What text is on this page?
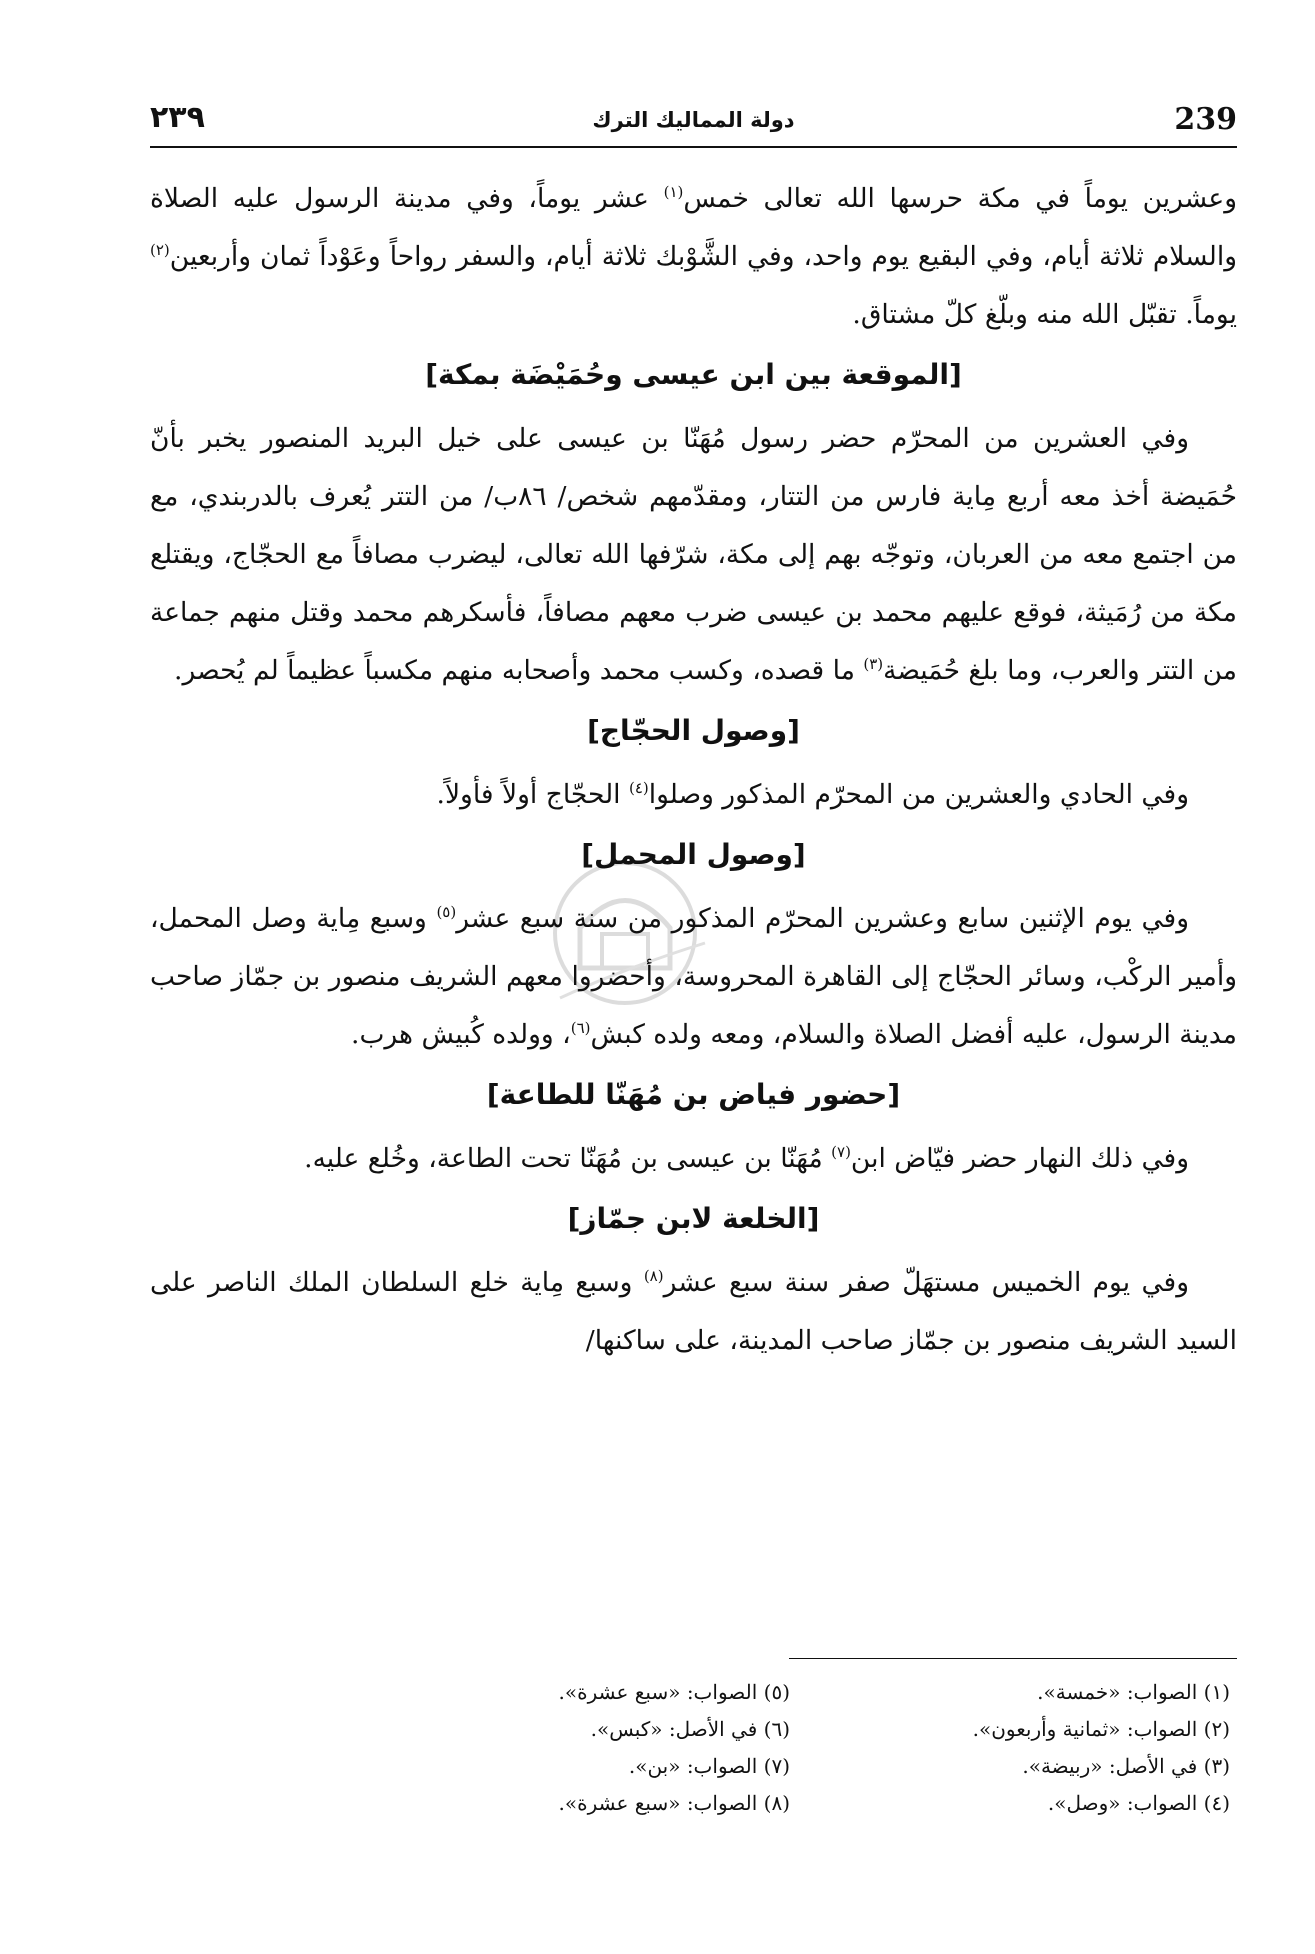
239
دولة المماليك الترك
٢٣٩

وعشرين يوماً في مكة حرسها الله تعالى خمس$^{(١)}$ عشر يوماً، وفي مدينة الرسول عليه الصلاة والسلام ثلاثة أيام، وفي البقيع يوم واحد، وفي الشَّوْبك ثلاثة أيام، والسفر رواحاً وعَوْداً ثمان وأربعين$^{(٢)}$ يوماً. تقبّل الله منه وبلّغ كلّ مشتاق.

[الموقعة بين ابن عيسى وحُمَيْضَة بمكة]

وفي العشرين من المحرّم حضر رسول مُهَنّا بن عيسى على خيل البريد المنصور يخبر بأنّ حُمَيضة أخذ معه أربع مِاية فارس من التتار، ومقدّمهم شخص/ ٨٦ب/ من التتر يُعرف بالدربندي، مع من اجتمع معه من العربان، وتوجّه بهم إلى مكة، شرّفها الله تعالى، ليضرب مصافاً مع الحجّاج، ويقتلع مكة من رُمَيثة، فوقع عليهم محمد بن عيسى ضرب معهم مصافاً، فأسكرهم محمد وقتل منهم جماعة من التتر والعرب، وما بلغ حُمَيضة$^{(٣)}$ ما قصده، وكسب محمد وأصحابه منهم مكسباً عظيماً لم يُحصر.

[وصول الحجّاج]

وفي الحادي والعشرين من المحرّم المذكور وصلوا$^{(٤)}$ الحجّاج أولاً فأولاً.

[وصول المحمل]

وفي يوم الإثنين سابع وعشرين المحرّم المذكور من سنة سبع عشر$^{(٥)}$ وسبع مِاية وصل المحمل، وأمير الركْب، وسائر الحجّاج إلى القاهرة المحروسة، وأحضروا معهم الشريف منصور بن جمّاز صاحب مدينة الرسول، عليه أفضل الصلاة والسلام، ومعه ولده كبش$^{(٦)}$، وولده كُبيش هرب.

[حضور فياض بن مُهَنّا للطاعة]

وفي ذلك النهار حضر فيّاض ابن$^{(٧)}$ مُهَنّا بن عيسى بن مُهَنّا تحت الطاعة، وخُلع عليه.

[الخلعة لابن جمّاز]

وفي يوم الخميس مستهَلّ صفر سنة سبع عشر$^{(٨)}$ وسبع مِاية خلع السلطان الملك الناصر على السيد الشريف منصور بن جمّاز صاحب المدينة، على ساكنها/

(١) الصواب: «خمسة».
(٢) الصواب: «ثمانية وأربعون».
(٣) في الأصل: «ربيضة».
(٤) الصواب: «وصل».
(٥) الصواب: «سبع عشرة».
(٦) في الأصل: «كبس».
(٧) الصواب: «بن».
(٨) الصواب: «سبع عشرة».
